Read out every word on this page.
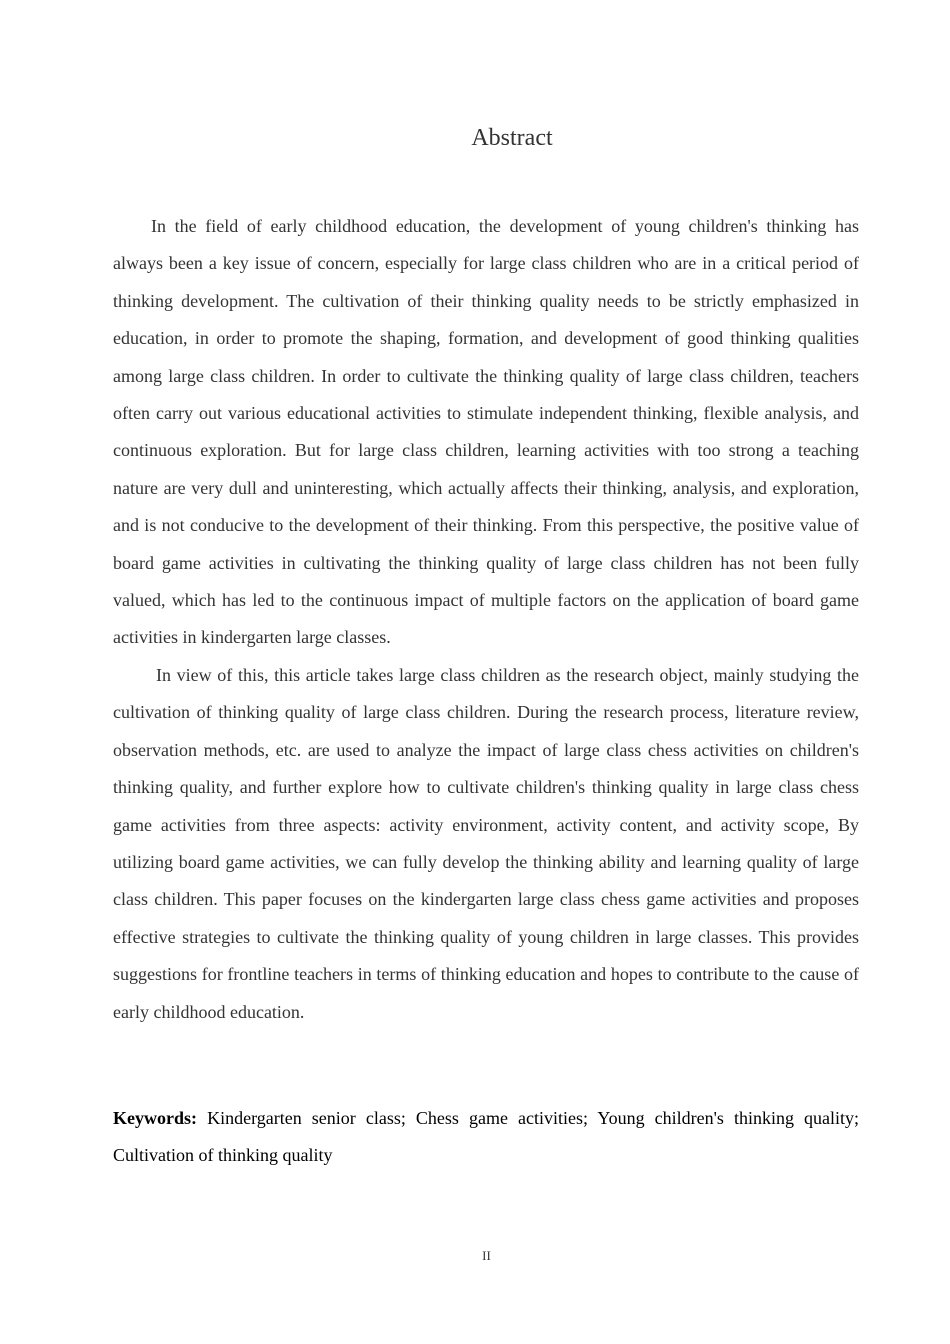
Abstract

In the field of early childhood education, the development of young children's thinking has always been a key issue of concern, especially for large class children who are in a critical period of thinking development. The cultivation of their thinking quality needs to be strictly emphasized in education, in order to promote the shaping, formation, and development of good thinking qualities among large class children. In order to cultivate the thinking quality of large class children, teachers often carry out various educational activities to stimulate independent thinking, flexible analysis, and continuous exploration. But for large class children, learning activities with too strong a teaching nature are very dull and uninteresting, which actually affects their thinking, analysis, and exploration, and is not conducive to the development of their thinking. From this perspective, the positive value of board game activities in cultivating the thinking quality of large class children has not been fully valued, which has led to the continuous impact of multiple factors on the application of board game activities in kindergarten large classes.

In view of this, this article takes large class children as the research object, mainly studying the cultivation of thinking quality of large class children. During the research process, literature review, observation methods, etc. are used to analyze the impact of large class chess activities on children's thinking quality, and further explore how to cultivate children's thinking quality in large class chess game activities from three aspects: activity environment, activity content, and activity scope, By utilizing board game activities, we can fully develop the thinking ability and learning quality of large class children. This paper focuses on the kindergarten large class chess game activities and proposes effective strategies to cultivate the thinking quality of young children in large classes. This provides suggestions for frontline teachers in terms of thinking education and hopes to contribute to the cause of early childhood education.

Keywords: Kindergarten senior class; Chess game activities; Young children's thinking quality; Cultivation of thinking quality
II
